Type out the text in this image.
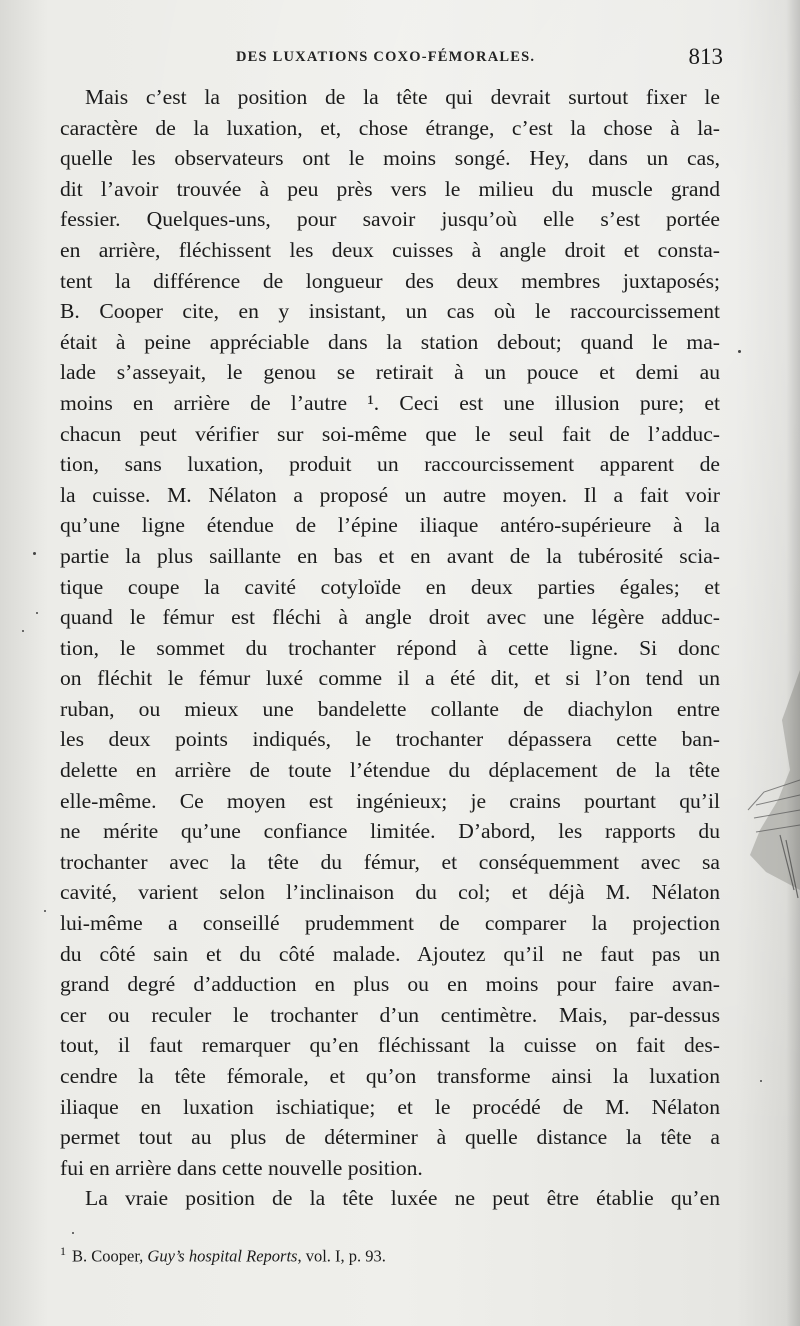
DES LUXATIONS COXO-FÉMORALES.	813
Mais c’est la position de la tête qui devrait surtout fixer le
caractère de la luxation, et, chose étrange, c’est la chose à la-
quelle les observateurs ont le moins songé. Hey, dans un cas,
dit l’avoir trouvée à peu près vers le milieu du muscle grand
fessier. Quelques-uns, pour savoir jusqu’où elle s’est portée
en arrière, fléchissent les deux cuisses à angle droit et consta-
tent la différence de longueur des deux membres juxtaposés;
B. Cooper cite, en y insistant, un cas où le raccourcissement
était à peine appréciable dans la station debout; quand le ma-
lade s’asseyait, le genou se retirait à un pouce et demi au
moins en arrière de l’autre ¹. Ceci est une illusion pure; et
chacun peut vérifier sur soi-même que le seul fait de l’adduc-
tion, sans luxation, produit un raccourcissement apparent de
la cuisse. M. Nélaton a proposé un autre moyen. Il a fait voir
qu’une ligne étendue de l’épine iliaque antéro-supérieure à la
partie la plus saillante en bas et en avant de la tubérosité scia-
tique coupe la cavité cotyloïde en deux parties égales; et
quand le fémur est fléchi à angle droit avec une légère adduc-
tion, le sommet du trochanter répond à cette ligne. Si donc
on fléchit le fémur luxé comme il a été dit, et si l’on tend un
ruban, ou mieux une bandelette collante de diachylon entre
les deux points indiqués, le trochanter dépassera cette ban-
delette en arrière de toute l’étendue du déplacement de la tête
elle-même. Ce moyen est ingénieux; je crains pourtant qu’il
ne mérite qu’une confiance limitée. D’abord, les rapports du
trochanter avec la tête du fémur, et conséquemment avec sa
cavité, varient selon l’inclinaison du col; et déjà M. Nélaton
lui-même a conseillé prudemment de comparer la projection
du côté sain et du côté malade. Ajoutez qu’il ne faut pas un
grand degré d’adduction en plus ou en moins pour faire avan-
cer ou reculer le trochanter d’un centimètre. Mais, par-dessus
tout, il faut remarquer qu’en fléchissant la cuisse on fait des-
cendre la tête fémorale, et qu’on transforme ainsi la luxation
iliaque en luxation ischiatique; et le procédé de M. Nélaton
permet tout au plus de déterminer à quelle distance la tête a
fui en arrière dans cette nouvelle position.
La vraie position de la tête luxée ne peut être établie qu’en
$^1$ B. Cooper, Guy’s hospital Reports, vol. I, p. 93.
